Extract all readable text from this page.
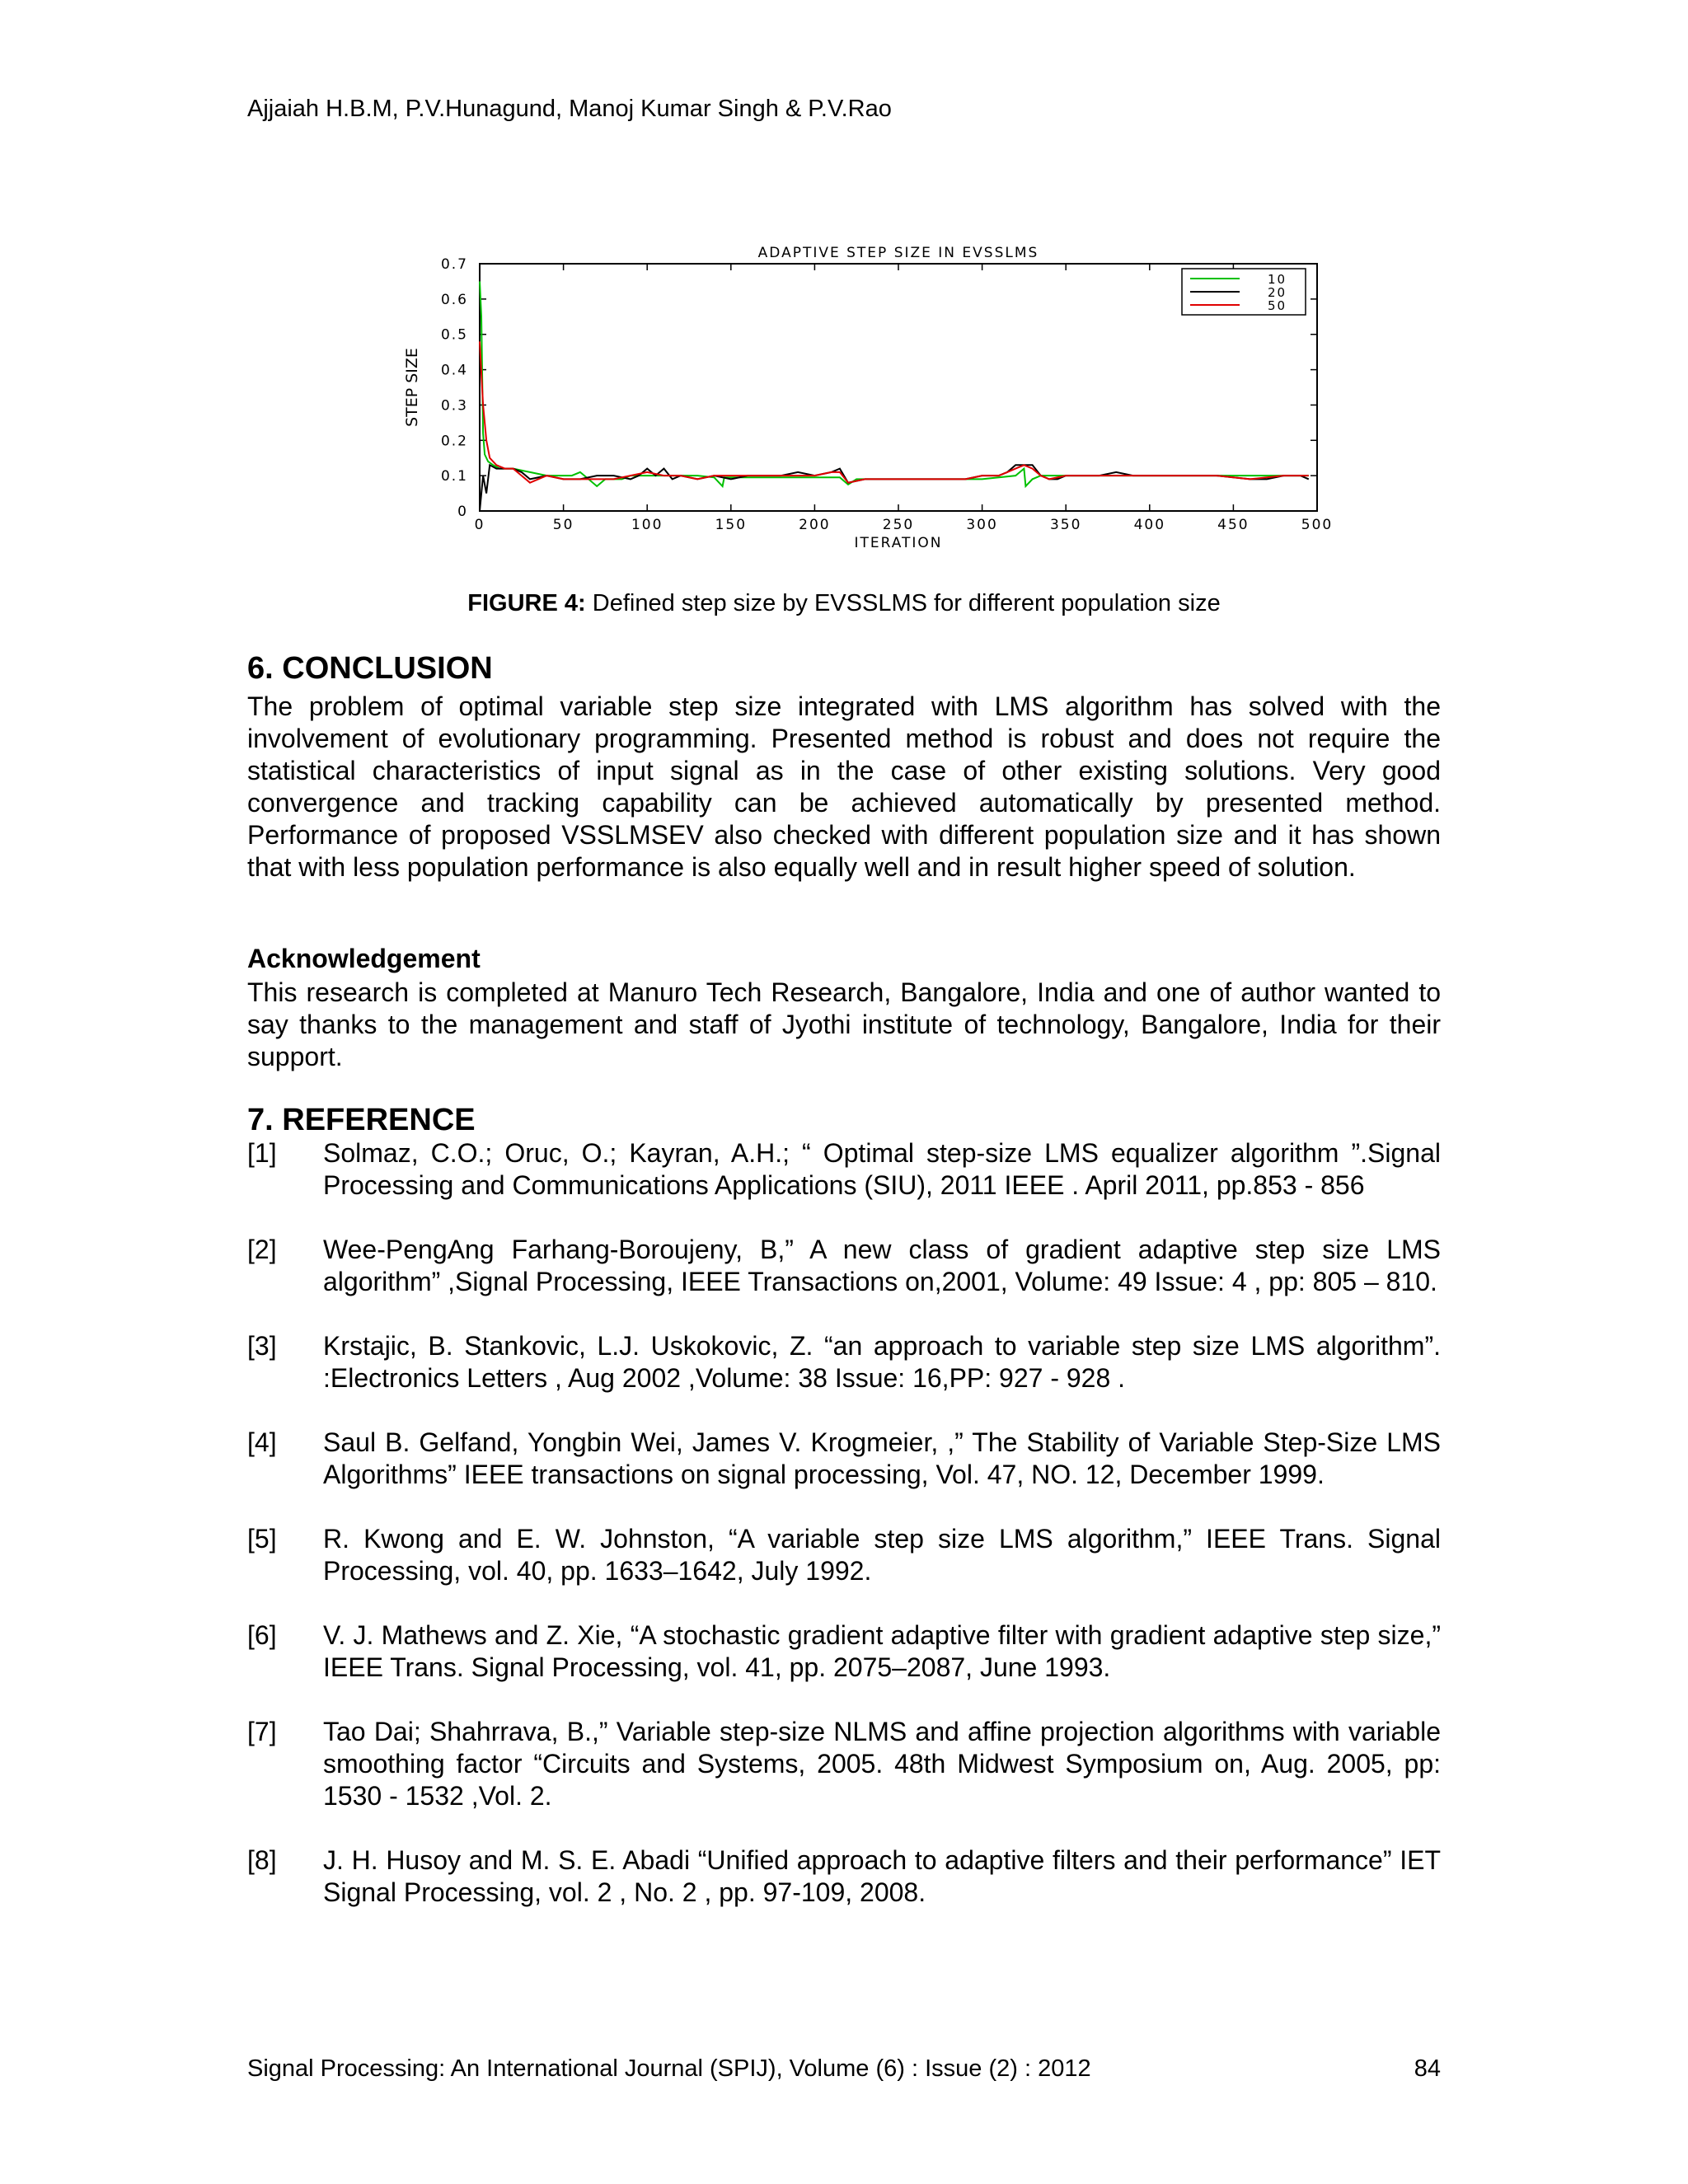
Ajjaiah H.B.M, P.V.Hunagund, Manoj Kumar Singh & P.V.Rao
ADAPTIVE STEP SIZE IN EVSSLMS
ITERATION
STEP SIZE
0	50	100	150	200	250	300	350	400	450	500
0
0.1
0.2
0.3
0.4
0.5
0.6
0.7
10
20
50
FIGURE 4: Defined step size by EVSSLMS for different population size
6. CONCLUSION

The problem of optimal variable step size integrated with LMS algorithm has solved with the involvement of evolutionary programming. Presented method is robust and does not require the statistical characteristics of input signal as in the case of other existing solutions. Very good convergence and tracking capability can be achieved automatically by presented method. Performance of proposed VSSLMSEV also checked with different population size and it has shown that with less population performance is also equally well and in result higher speed of solution.

Acknowledgement

This research is completed at Manuro Tech Research, Bangalore, India and one of author wanted to say thanks to the management and staff of Jyothi institute of technology, Bangalore, India for their support.

7. REFERENCE
[1]	Solmaz, C.O.; Oruc, O.; Kayran, A.H.; “ Optimal step-size LMS equalizer algorithm ”.Signal Processing and Communications Applications (SIU), 2011 IEEE . April 2011, pp.853 - 856
[2]	Wee-PengAng Farhang-Boroujeny, B,” A new class of gradient adaptive step size LMS algorithm” ,Signal Processing, IEEE Transactions on,2001, Volume: 49 Issue: 4 , pp: 805 – 810.
[3]	Krstajic, B. Stankovic, L.J. Uskokovic, Z. “an approach to variable step size LMS algorithm”. :Electronics Letters , Aug 2002 ,Volume: 38 Issue: 16,PP: 927 - 928 .
[4]	Saul B. Gelfand, Yongbin Wei, James V. Krogmeier, ,” The Stability of Variable Step-Size LMS Algorithms” IEEE transactions on signal processing, Vol. 47, NO. 12, December 1999.
[5]	R. Kwong and E. W. Johnston, “A variable step size LMS algorithm,” IEEE Trans. Signal Processing, vol. 40, pp. 1633–1642, July 1992.
[6]	V. J. Mathews and Z. Xie, “A stochastic gradient adaptive filter with gradient adaptive step size,” IEEE Trans. Signal Processing, vol. 41, pp. 2075–2087, June 1993.
[7]	Tao Dai; Shahrrava, B.,” Variable step-size NLMS and affine projection algorithms with variable smoothing factor “Circuits and Systems, 2005. 48th Midwest Symposium on, Aug. 2005, pp: 1530 - 1532 ,Vol. 2.
[8]	J. H. Husoy and M. S. E. Abadi “Unified approach to adaptive filters and their performance” IET Signal Processing, vol. 2 , No. 2 , pp. 97-109, 2008.
Signal Processing: An International Journal (SPIJ), Volume (6) : Issue (2) : 2012	84
